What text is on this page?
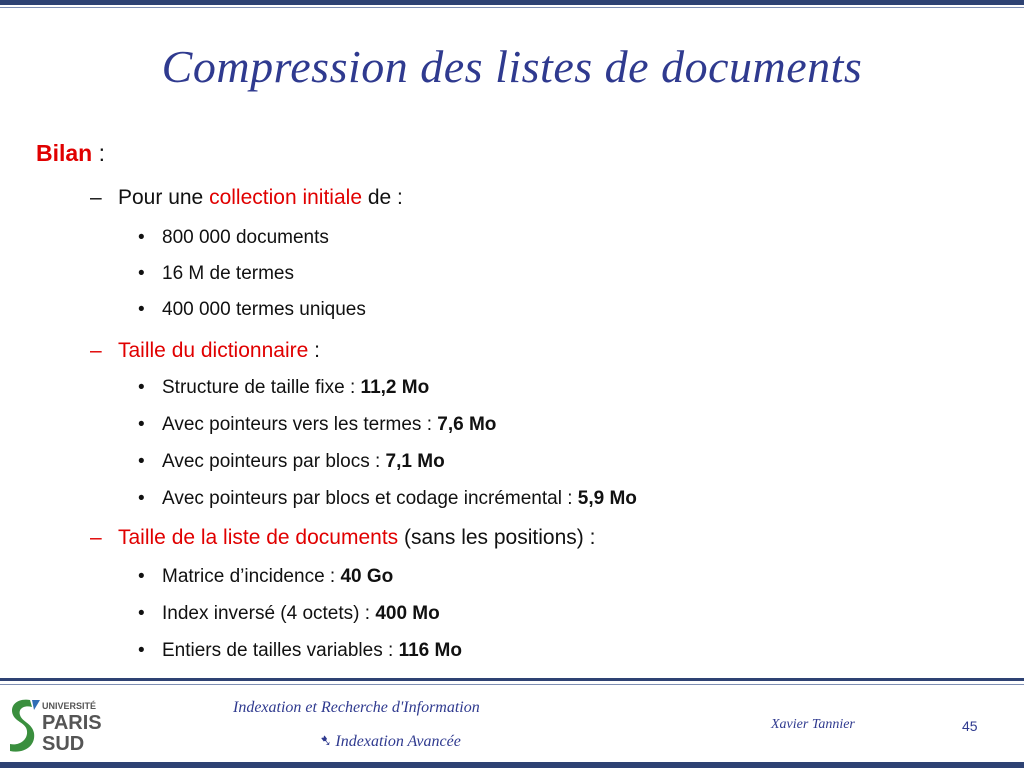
Compression des listes de documents
Bilan :
– Pour une collection initiale de :
• 800 000 documents
• 16 M de termes
• 400 000 termes uniques
– Taille du dictionnaire :
• Structure de taille fixe : 11,2 Mo
• Avec pointeurs vers les termes : 7,6 Mo
• Avec pointeurs par blocs : 7,1 Mo
• Avec pointeurs par blocs et codage incrémental : 5,9 Mo
– Taille de la liste de documents (sans les positions) :
• Matrice d’incidence : 40 Go
• Index inversé (4 octets) : 400 Mo
• Entiers de tailles variables : 116 Mo
UNIVERSITÉ
PARIS
SUD
Indexation et Recherche d'Information
➷ Indexation Avancée
Xavier Tannier	45
